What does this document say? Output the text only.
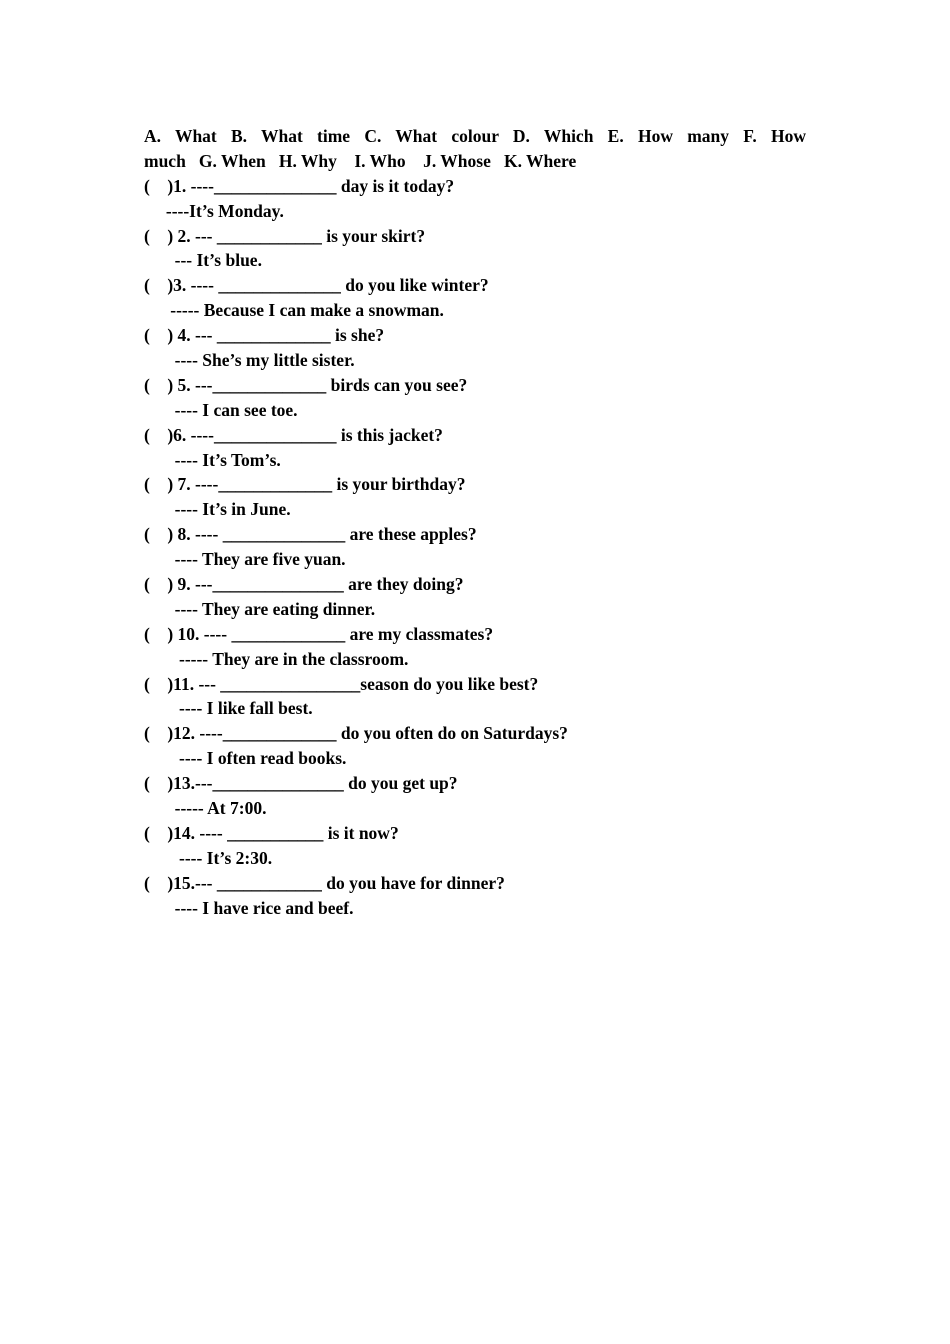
A. What B. What time C. What colour D. Which E. How many F. How
much   G. When   H. Why    I. Who    J. Whose   K. Where
(    )1. ----______________ day is it today?
----It’s Monday.
(    ) 2. --- ____________ is your skirt?
--- It’s blue.
(    )3. ---- ______________ do you like winter?
----- Because I can make a snowman.
(    ) 4. --- _____________ is she?
---- She’s my little sister.
(    ) 5. ---_____________ birds can you see?
---- I can see toe.
(    )6. ----______________ is this jacket?
---- It’s Tom’s.
(    ) 7. ----_____________ is your birthday?
---- It’s in June.
(    ) 8. ---- ______________ are these apples?
---- They are five yuan.
(    ) 9. ---_______________ are they doing?
---- They are eating dinner.
(    ) 10. ---- _____________ are my classmates?
----- They are in the classroom.
(    )11. --- ________________season do you like best?
---- I like fall best.
(    )12. ----_____________ do you often do on Saturdays?
---- I often read books.
(    )13.---_______________ do you get up?
----- At 7:00.
(    )14. ---- ___________ is it now?
---- It’s 2:30.
(    )15.--- ____________ do you have for dinner?
---- I have rice and beef.
